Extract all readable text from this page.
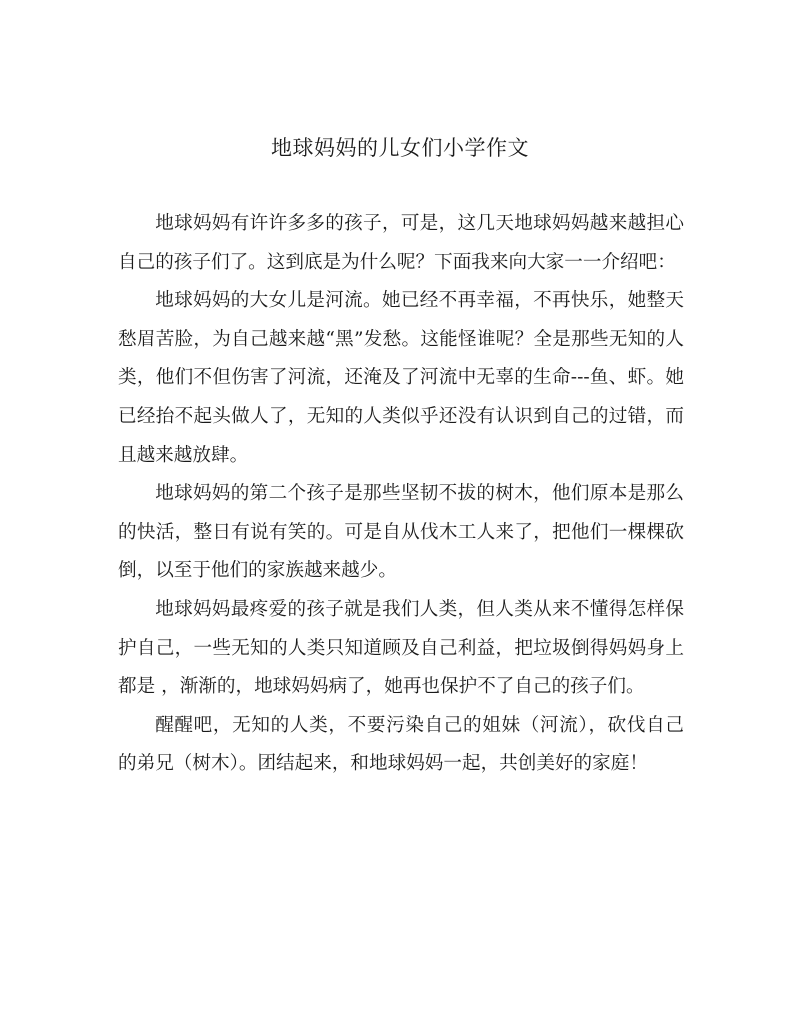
地球妈妈的儿女们小学作文

地球妈妈有许许多多的孩子，可是，这几天地球妈妈越来越担心自己的孩子们了。这到底是为什么呢？下面我来向大家一一介绍吧：

地球妈妈的大女儿是河流。她已经不再幸福，不再快乐，她整天愁眉苦脸，为自己越来越“黑”发愁。这能怪谁呢？全是那些无知的人类，他们不但伤害了河流，还淹及了河流中无辜的生命---鱼、虾。她已经抬不起头做人了，无知的人类似乎还没有认识到自己的过错，而且越来越放肆。

地球妈妈的第二个孩子是那些坚韧不拔的树木，他们原本是那么的快活，整日有说有笑的。可是自从伐木工人来了，把他们一棵棵砍倒，以至于他们的家族越来越少。

地球妈妈最疼爱的孩子就是我们人类，但人类从来不懂得怎样保护自己，一些无知的人类只知道顾及自己利益，把垃圾倒得妈妈身上都是 ，渐渐的，地球妈妈病了，她再也保护不了自己的孩子们。

醒醒吧，无知的人类，不要污染自己的姐妹（河流），砍伐自己的弟兄（树木）。团结起来，和地球妈妈一起，共创美好的家庭！
